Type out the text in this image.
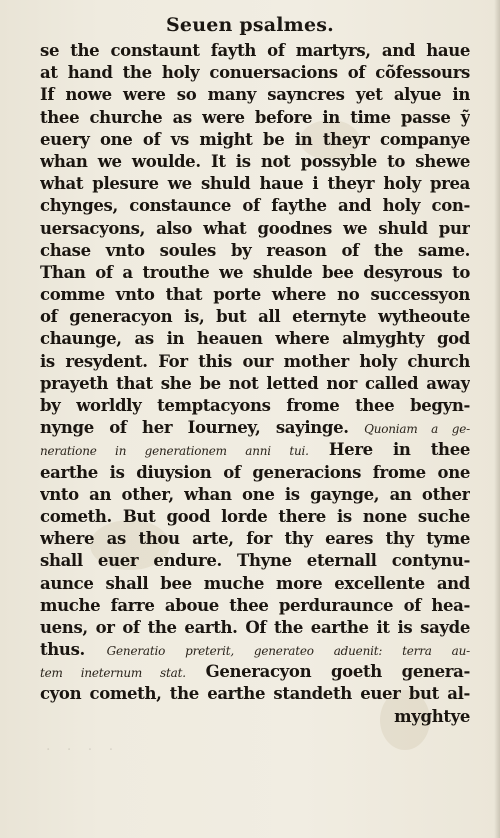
Seuen psalmes.
se the constaunt fayth of martyrs, and haue
at hand the holy conuersacions of cõfessours
If nowe were so many sayncres yet alyue in
thee churche as were before in time passe ỹ
euery one of vs might be in theyr companye
whan we woulde. It is not possyble to shewe
what plesure we shuld haue i theyr holy prea
chynges, constaunce of faythe and holy con-
uersacyons, also what goodnes we shuld pur
chase vnto soules by reason of the same.
Than of a trouthe we shulde bee desyrous to
comme vnto that porte where no successyon
of generacyon is, but all eternyte wytheoute
chaunge, as in heauen where almyghty god
is resydent. For this our mother holy church
prayeth that she be not letted nor called away
by worldly temptacyons frome thee begyn-
nynge of her Iourney, sayinge. Quoniam a ge-
neratione in generationem anni tui. Here in thee
earthe is diuysion of generacions frome one
vnto an other, whan one is gaynge, an other
cometh. But good lorde there is none suche
where as thou arte, for thy eares thy tyme
shall euer endure. Thyne eternall contynu-
aunce shall bee muche more excellente and
muche farre aboue thee perduraunce of hea-
uens, or of the earth. Of the earthe it is sayde
thus. Generatio preterit, generateo aduenit: terra au-
tem ineternum stat. Generacyon goeth genera-
cyon cometh, the earthe standeth euer but al-
myghtye
· · · ·
